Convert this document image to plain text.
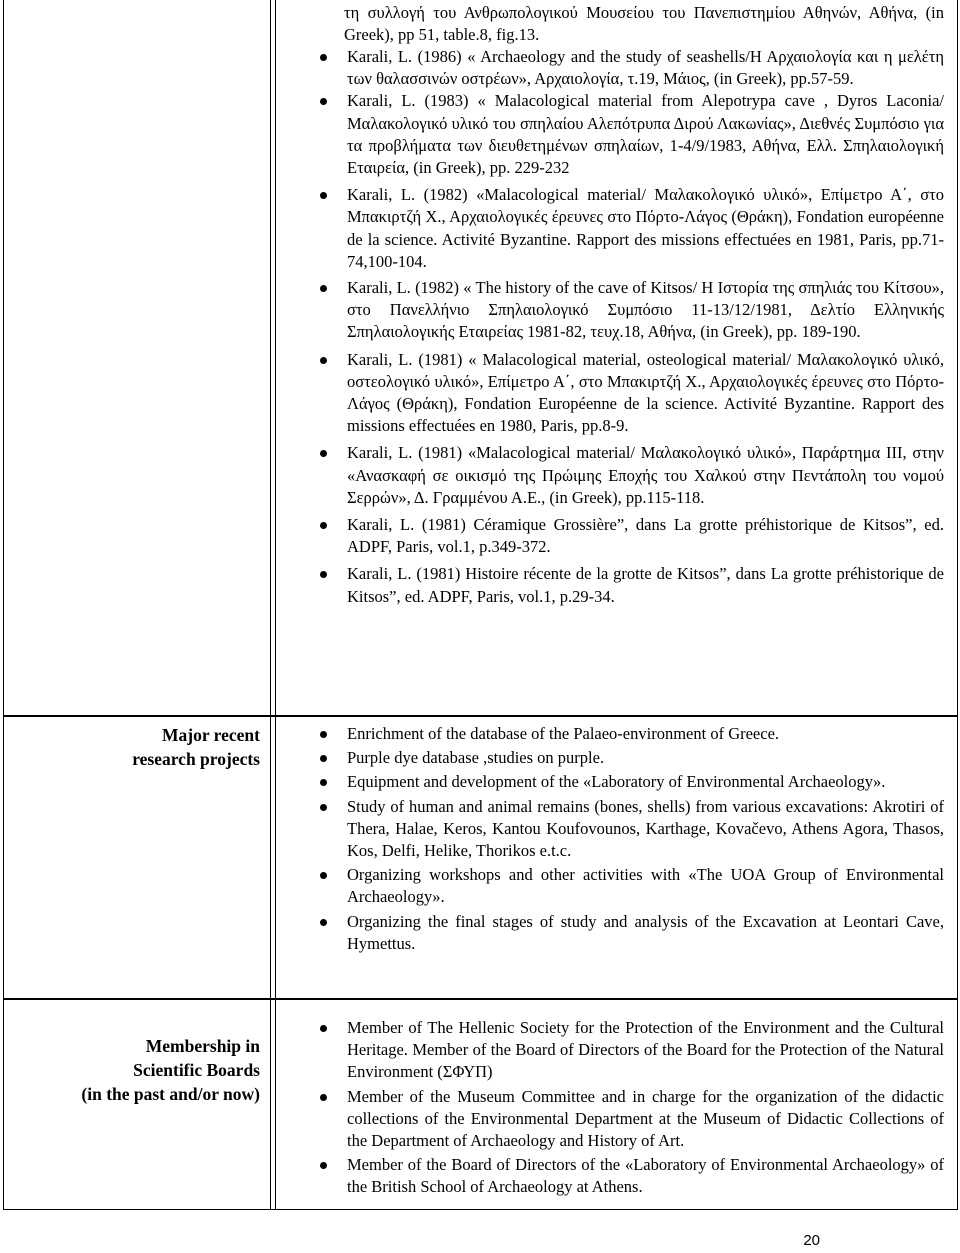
τη συλλογή του Ανθρωπολογικού Μουσείου του Πανεπιστημίου Αθηνών, Αθήνα, (in Greek), pp 51, table.8, fig.13.
Karali, L. (1986) « Archaeology and the study of seashells/Η Αρχαιολογία και η μελέτη των θαλασσινών οστρέων», Αρχαιολογία, τ.19, Μάιος, (in Greek), pp.57-59.
Karali, L. (1983) « Malacological material from Alepotrypa cave , Dyros Laconia/ Μαλακολογικό υλικό του σπηλαίου Αλεπότρυπα Διρού Λακωνίας», Διεθνές Συμπόσιο για τα προβλήματα των διευθετημένων σπηλαίων, 1-4/9/1983, Αθήνα, Ελλ. Σπηλαιολογική Εταιρεία, (in Greek), pp. 229-232
Karali, L. (1982) «Malacological material/ Μαλακολογικό υλικό», Επίμετρο Α΄, στο Μπακιρτζή Χ., Αρχαιολογικές έρευνες στο Πόρτο-Λάγος (Θράκη), Fondation européenne de la science. Activité Byzantine. Rapport des missions effectuées en 1981, Paris, pp.71-74,100-104.
Karali, L. (1982) « The history of the cave of Kitsos/ Η Ιστορία της σπηλιάς του Κίτσου», στο Πανελλήνιο Σπηλαιολογικό Συμπόσιο 11-13/12/1981, Δελτίο Ελληνικής Σπηλαιολογικής Εταιρείας 1981-82, τευχ.18, Αθήνα, (in Greek), pp. 189-190.
Karali, L. (1981) « Malacological material, osteological material/ Μαλακολογικό υλικό, οστεολογικό υλικό», Επίμετρο Α΄, στο Μπακιρτζή Χ., Αρχαιολογικές έρευνες στο Πόρτο-Λάγος (Θράκη), Fondation Européenne de la science. Activité Byzantine. Rapport des missions effectuées en 1980, Paris, pp.8-9.
Karali, L. (1981) «Malacological material/ Μαλακολογικό υλικό», Παράρτημα ΙΙΙ, στην «Ανασκαφή σε οικισμό της Πρώιμης Εποχής του Χαλκού στην Πεντάπολη του νομού Σερρών», Δ. Γραμμένου Α.Ε., (in Greek), pp.115-118.
Karali, L. (1981) Céramique Grossière”, dans La grotte préhistorique de Kitsos”, ed. ADPF, Paris, vol.1, p.349-372.
Karali, L. (1981) Histoire récente de la grotte de Kitsos”, dans La grotte préhistorique de Kitsos”, ed. ADPF, Paris, vol.1, p.29-34.
Major recent
research projects
Enrichment of the database of the Palaeo-environment of Greece.
Purple dye database ,studies on purple.
Equipment and development of the «Laboratory of Environmental Archaeology».
Study of human and animal remains (bones, shells) from various excavations: Akrotiri of Thera, Halae, Keros, Kantou Koufovounos, Karthage, Kovačevo, Athens Agora, Thasos, Kos, Delfi, Helike, Thorikos e.t.c.
Organizing workshops and other activities with «The UOA Group of Environmental Archaeology».
Organizing the final stages of study and analysis of the Excavation at Leontari Cave, Hymettus.
Membership in
Scientific Boards
(in the past and/or now)
Member of The Hellenic Society for the Protection of the Environment and the Cultural Heritage. Member of the Board of Directors of the Board for the Protection of the Natural Environment (ΣΦΥΠ)
Member of the Museum Committee and in charge for the organization of the didactic collections of the Environmental Department at the Museum of Didactic Collections of the Department of Archaeology and History of Art.
Member of the Board of Directors of the «Laboratory of Environmental Archaeology» of the British School of Archaeology at Athens.
20
